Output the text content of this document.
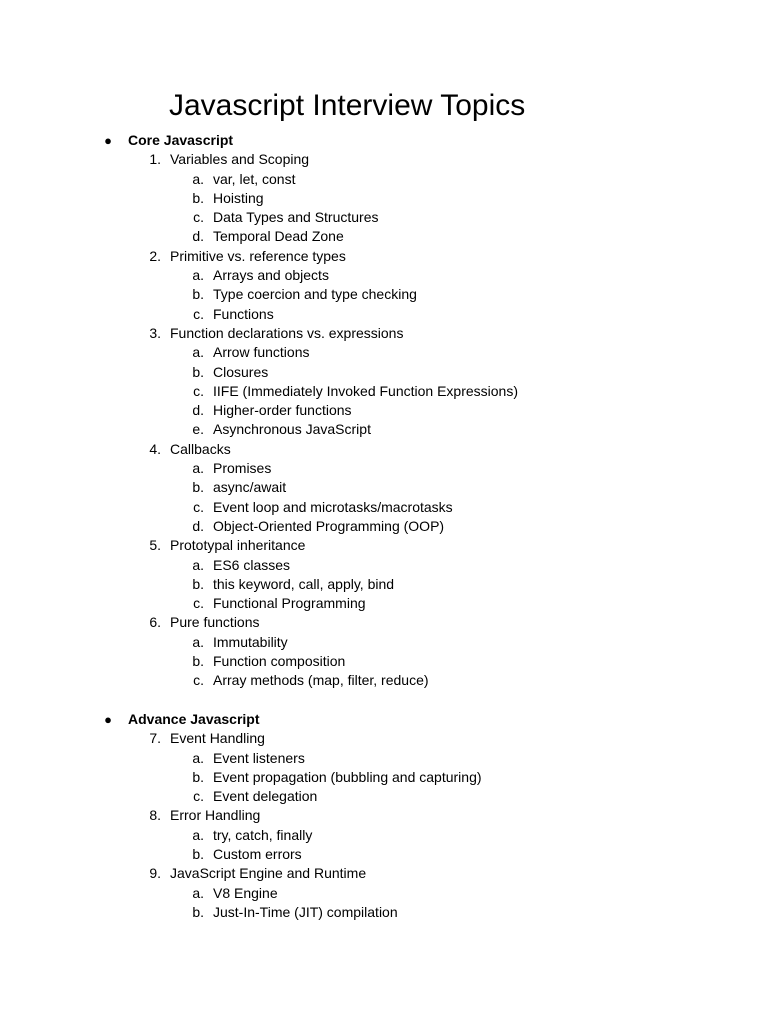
Javascript Interview Topics
● Core Javascript
1. Variables and Scoping
a. var, let, const
b. Hoisting
c. Data Types and Structures
d. Temporal Dead Zone
2. Primitive vs. reference types
a. Arrays and objects
b. Type coercion and type checking
c. Functions
3. Function declarations vs. expressions
a. Arrow functions
b. Closures
c. IIFE (Immediately Invoked Function Expressions)
d. Higher-order functions
e. Asynchronous JavaScript
4. Callbacks
a. Promises
b. async/await
c. Event loop and microtasks/macrotasks
d. Object-Oriented Programming (OOP)
5. Prototypal inheritance
a. ES6 classes
b. this keyword, call, apply, bind
c. Functional Programming
6. Pure functions
a. Immutability
b. Function composition
c. Array methods (map, filter, reduce)
● Advance Javascript
7. Event Handling
a. Event listeners
b. Event propagation (bubbling and capturing)
c. Event delegation
8. Error Handling
a. try, catch, finally
b. Custom errors
9. JavaScript Engine and Runtime
a. V8 Engine
b. Just-In-Time (JIT) compilation
